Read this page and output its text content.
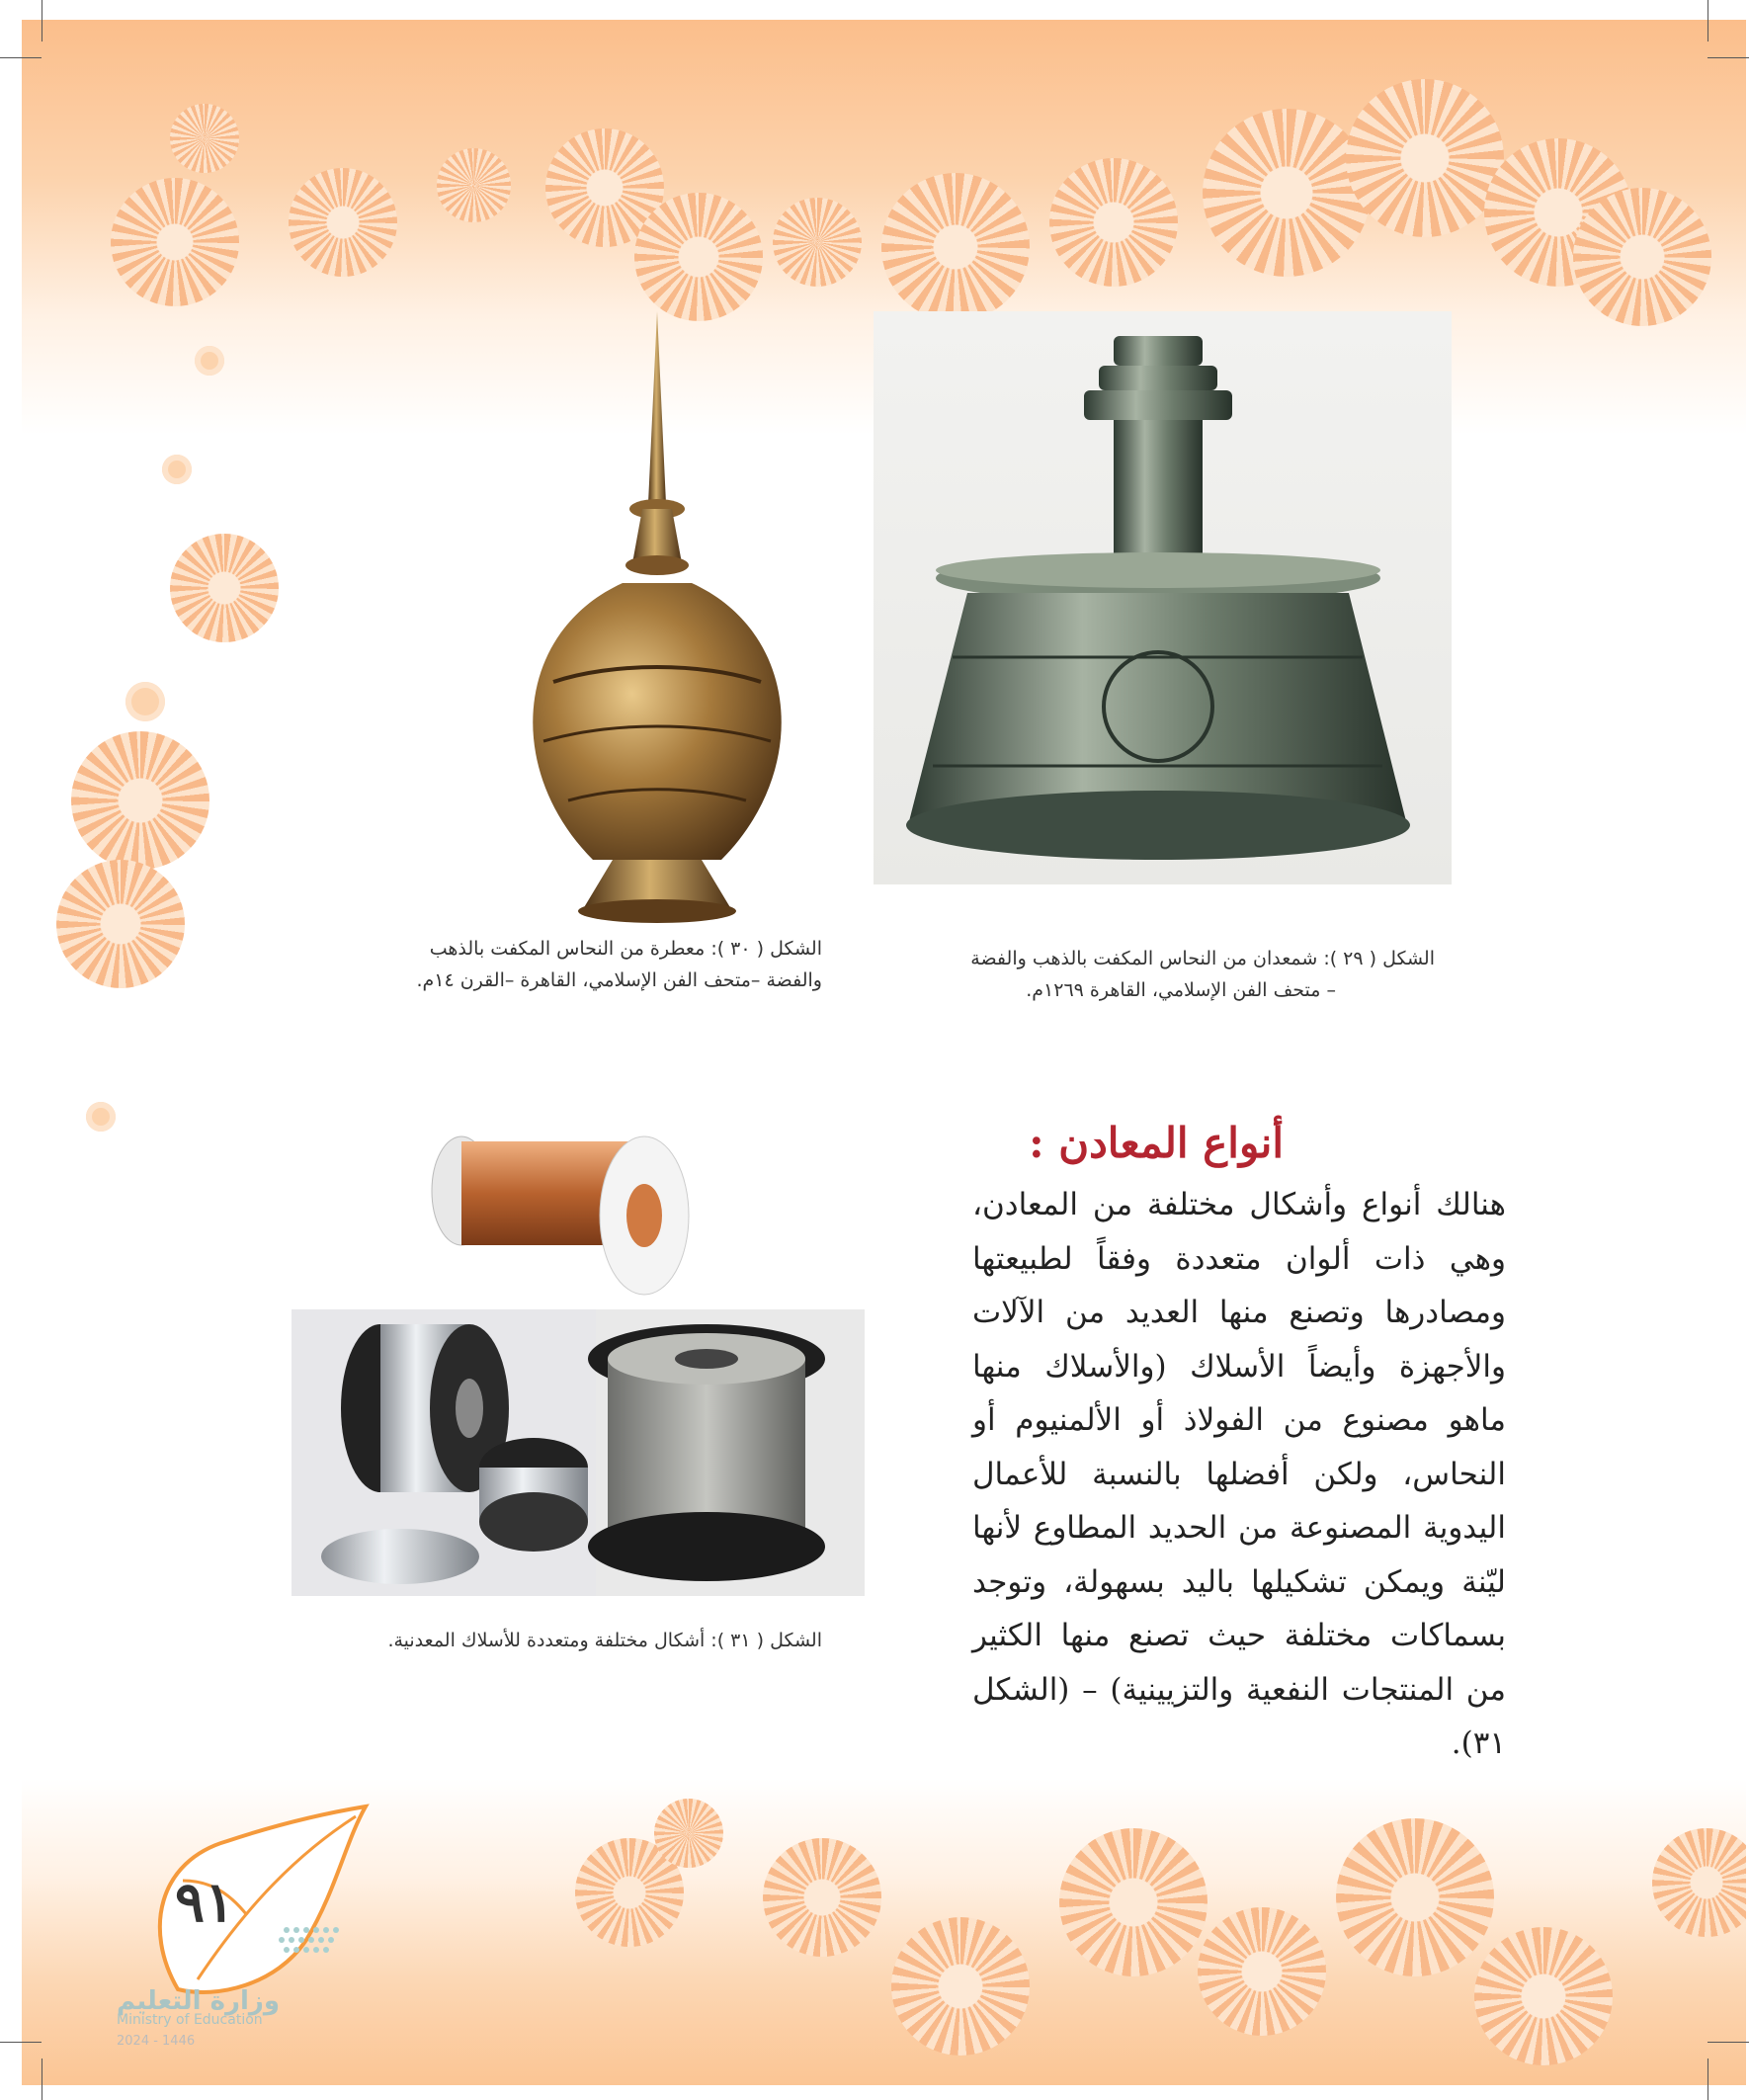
الشكل ( ٢٩ ): شمعدان من النحاس المكفت بالذهب والفضة
– متحف الفن الإسلامي، القاهرة ١٢٦٩م.
الشكل ( ٣٠ ): معطرة من النحاس المكفت بالذهب
والفضة –متحف الفن الإسلامي، القاهرة –القرن ١٤م.
الشكل ( ٣١ ): أشكال مختلفة ومتعددة للأسلاك المعدنية.
أنواع المعادن :
هنالك أنواع وأشكال مختلفة من المعادن، وهي ذات ألوان متعددة وفقاً لطبيعتها ومصادرها وتصنع منها العديد من الآلات والأجهزة وأيضاً الأسلاك (والأسلاك منها ماهو مصنوع من الفولاذ أو الألمنيوم أو النحاس، ولكن أفضلها بالنسبة للأعمال اليدوية المصنوعة من الحديد المطاوع لأنها ليّنة ويمكن تشكيلها باليد بسهولة، وتوجد بسماكات مختلفة حيث تصنع منها الكثير من المنتجات النفعية والتزيينية) – (الشكل ٣١).
٩١
وزارة التعليم
Ministry of Education
2024 - 1446
